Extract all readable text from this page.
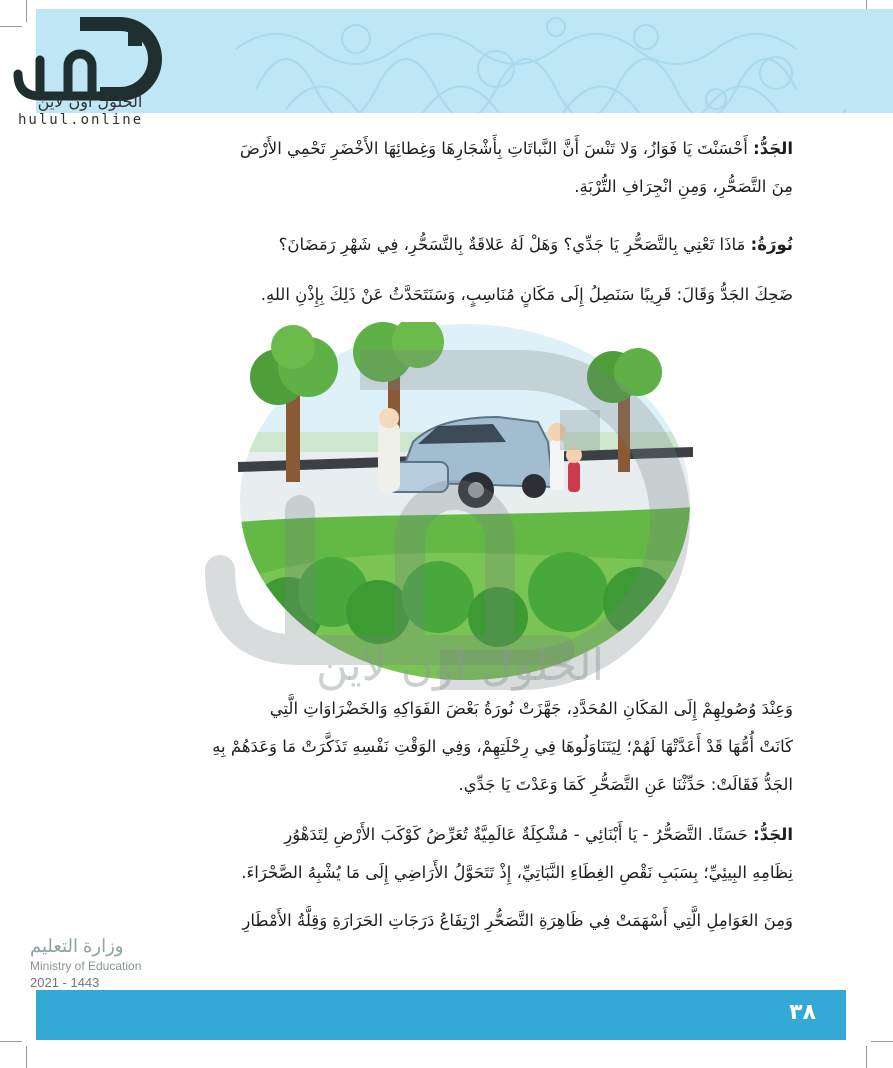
الحلول اون لاين
hulul.online
الجَدُّ: أَحْسَنْتَ يَا فَوَازُ، وَلا تَنْسَ أَنَّ النَّباتَاتِ بِأَشْجَارِهَا وَغِطائِهَا الأَخْضَرِ تَحْمِي الأَرْضَ
مِنَ التَّصَحُّرِ، وَمِنِ انْجِرَافِ التُّرْبَةِ.
نُورَةُ: مَاذَا تَعْنِي بِالتَّصَحُّرِ يَا جَدِّي؟ وَهَلْ لَهُ عَلاقَةٌ بِالتَّسَحُّرِ، فِي شَهْرِ رَمَضَانَ؟
ضَحِكَ الجَدُّ وَقَالَ: قَرِيبًا سَنَصِلُ إِلَى مَكَانٍ مُنَاسِبٍ، وَسَنَتَحَدَّثُ عَنْ ذَلِكَ بِإِذْنِ اللهِ.
الحلول اون لاين
وَعِنْدَ وُصُولِهِمْ إِلَى المَكَانِ المُحَدَّدِ، جَهَّزَتْ نُورَةُ بَعْضَ الفَوَاكِهِ وَالخَضْرَاوَاتِ الَّتِي
كَانَتْ أُمُّهَا قَدْ أَعَدَّتْهَا لَهُمْ؛ لِيَتَنَاوَلُوهَا فِي رِحْلَتِهِمْ، وَفِي الوَقْتِ نَفْسِهِ تَذَكَّرَتْ مَا وَعَدَهُمْ بِهِ
الجَدُّ فَقَالَتْ: حَدِّثْنَا عَنِ التَّصَحُّرِ كَمَا وَعَدْتَ يَا جَدِّي.
الجَدُّ: حَسَنًا. التَّصَحُّرُ - يَا أَبْنَائِي - مُشْكِلَةٌ عَالَمِيَّةٌ تُعَرِّضُ كَوْكَبَ الأَرْضِ لِتَدَهْوُرِ
نِظَامِهِ البِيئِيِّ؛ بِسَبَبِ نَقْصِ الغِطَاءِ النَّبَاتِيِّ، إِذْ تَتَحَوَّلُ الأَرَاضِي إِلَى مَا يُشْبِهُ الصَّحْرَاءَ.
وَمِنَ العَوَامِلِ الَّتِي أَسْهَمَتْ فِي ظَاهِرَةِ التَّصَحُّرِ ارْتِفَاعُ دَرَجَاتِ الحَرَارَةِ وَقِلَّةُ الأَمْطَارِ
وزارة التعليم
Ministry of Education
2021 - 1443
٣٨
